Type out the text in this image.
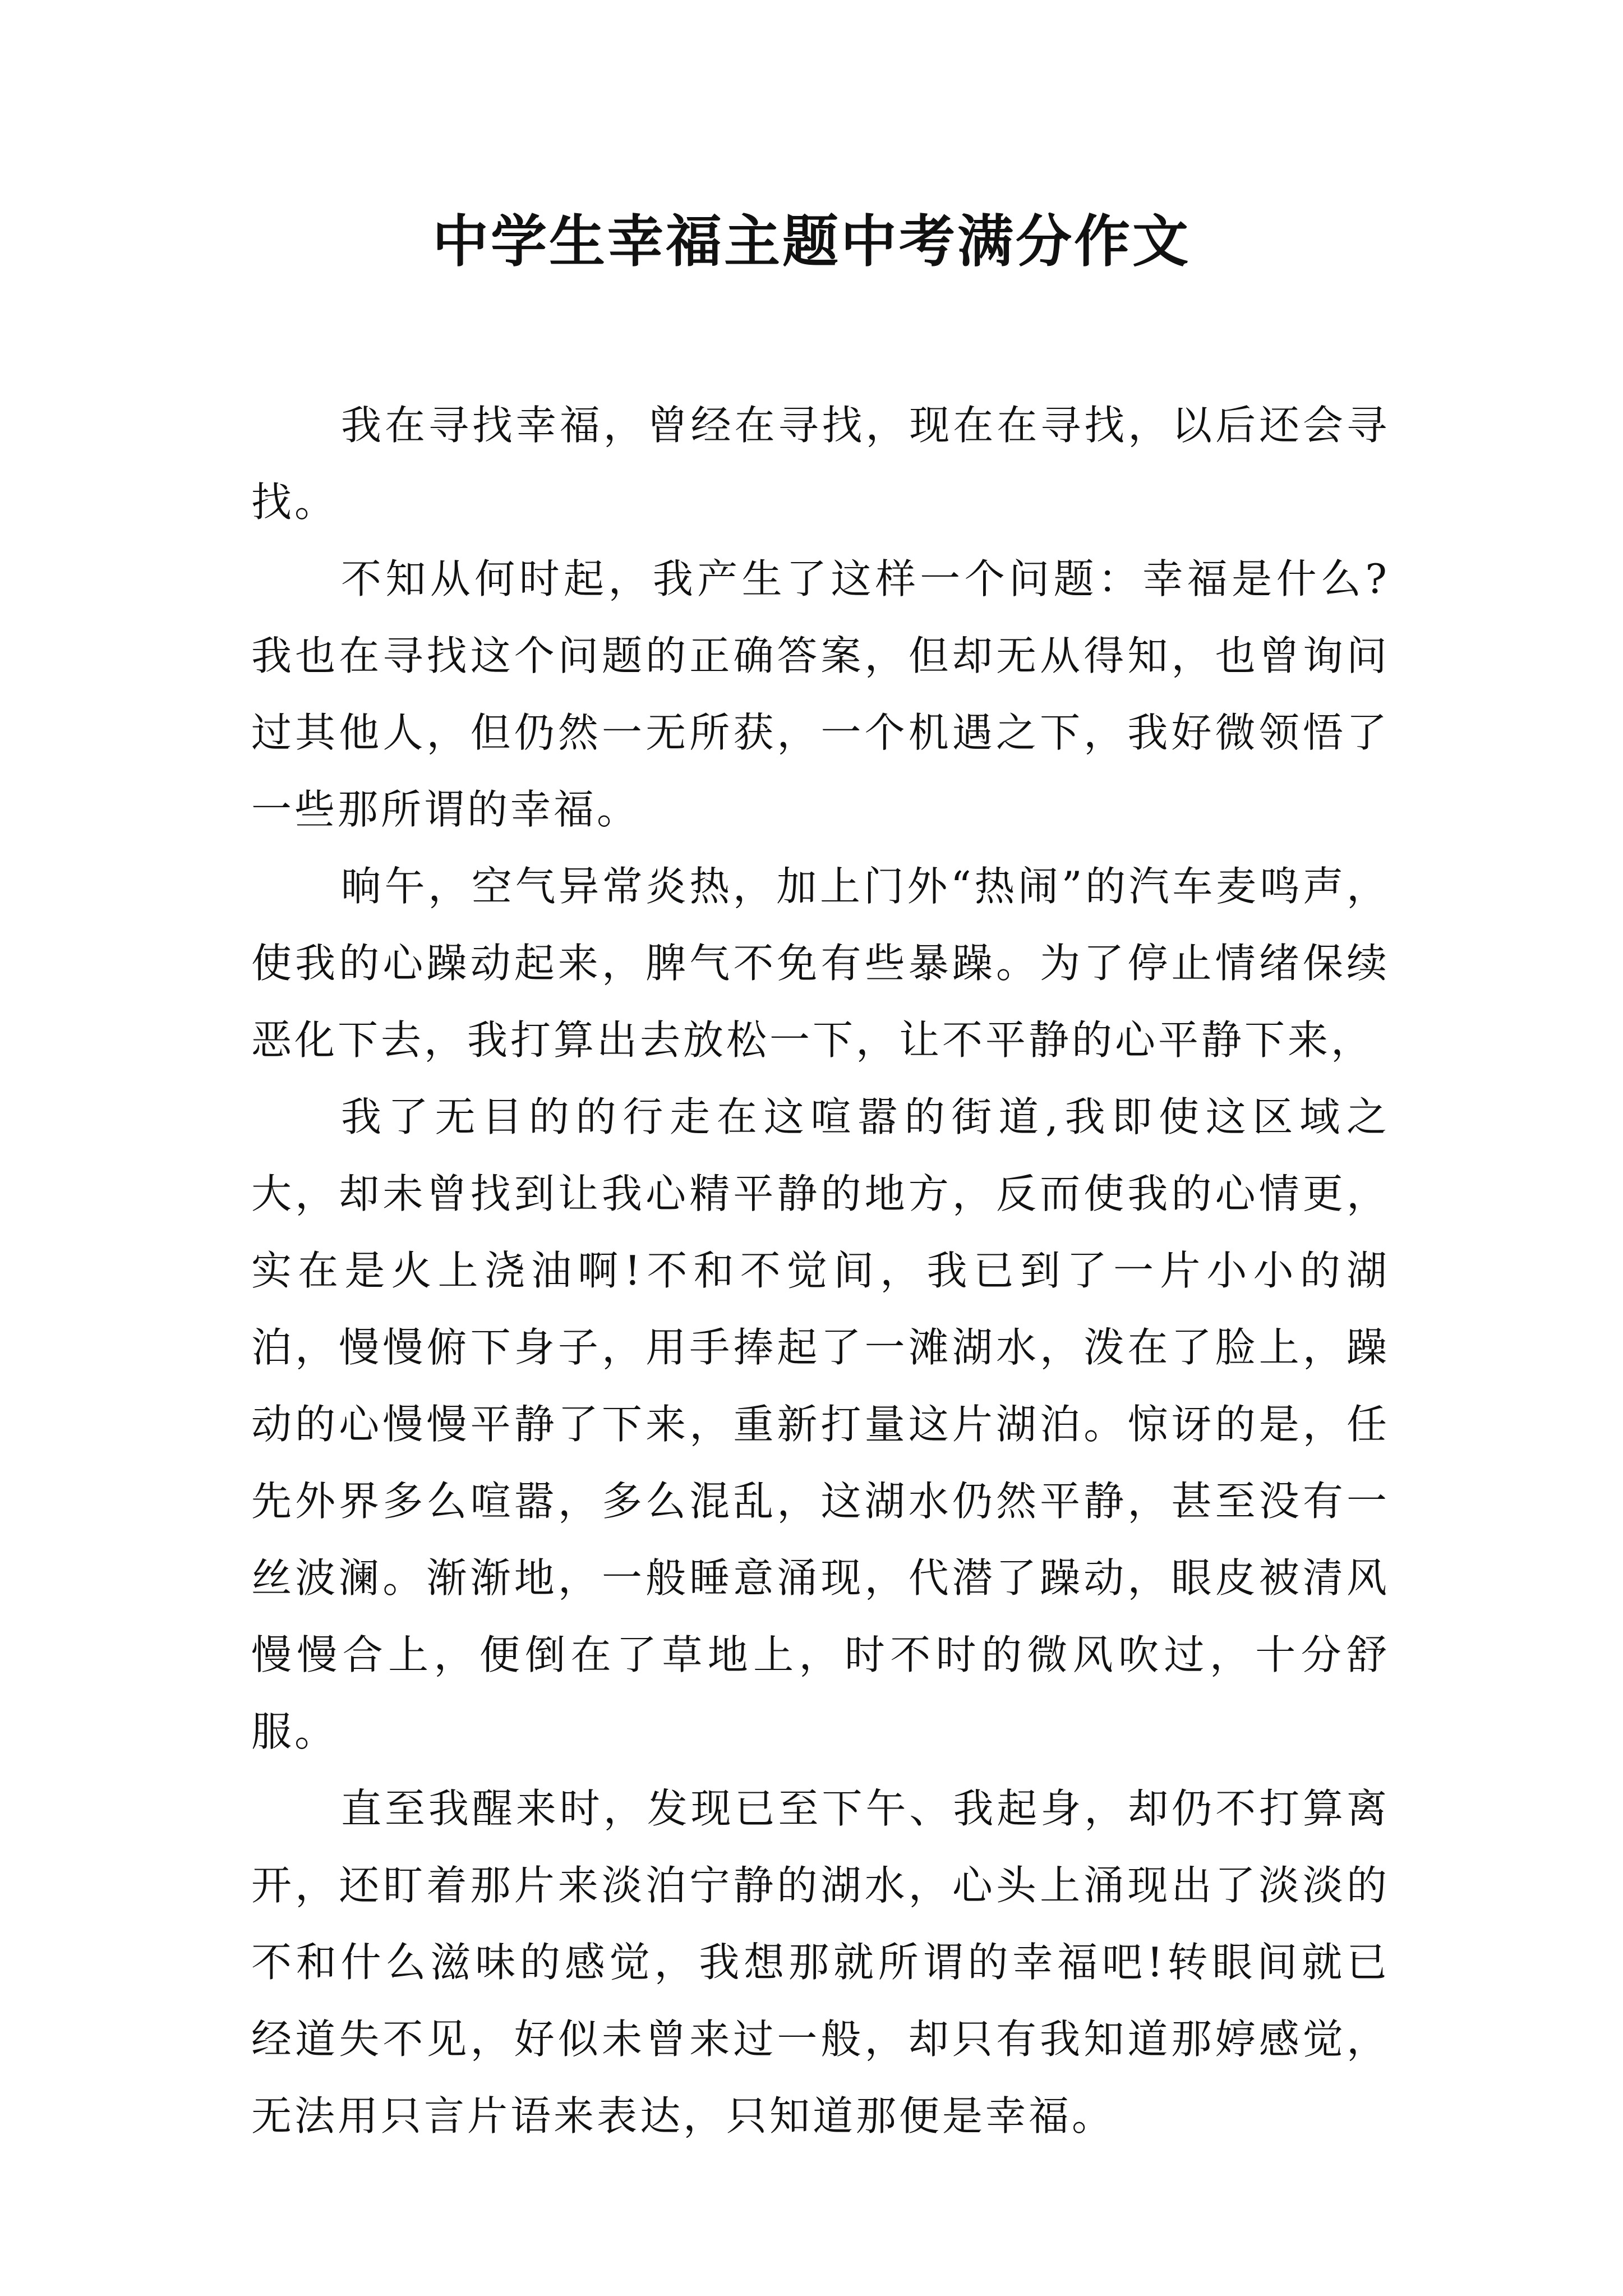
中学生幸福主题中考满分作文

我在寻找幸福，曾经在寻找，现在在寻找，以后还会寻找。

不知从何时起，我产生了这样一个问题：幸福是什么?我也在寻找这个问题的正确答案，但却无从得知，也曾询问过其他人，但仍然一无所获，一个机遇之下，我好微领悟了一些那所谓的幸福。

晌午，空气异常炎热，加上门外“热闹”的汽车麦鸣声，使我的心躁动起来，脾气不免有些暴躁。为了停止情绪保续恶化下去，我打算出去放松一下，让不平静的心平静下来，

我了无目的的行走在这喧嚣的街道,我即使这区域之大，却未曾找到让我心精平静的地方，反而使我的心情更，实在是火上浇油啊!不和不觉间，我已到了一片小小的湖泊，慢慢俯下身子，用手捧起了一滩湖水，泼在了脸上，躁动的心慢慢平静了下来，重新打量这片湖泊。惊讶的是，任先外界多么喧嚣，多么混乱，这湖水仍然平静，甚至没有一丝波澜。渐渐地，一般睡意涌现，代潜了躁动，眼皮被清风慢慢合上，便倒在了草地上，时不时的微风吹过，十分舒服。

直至我醒来时，发现已至下午、我起身，却仍不打算离开，还盯着那片来淡泊宁静的湖水，心头上涌现出了淡淡的不和什么滋味的感觉，我想那就所谓的幸福吧!转眼间就已经道失不见，好似未曾来过一般，却只有我知道那婷感觉，无法用只言片语来表达，只知道那便是幸福。
